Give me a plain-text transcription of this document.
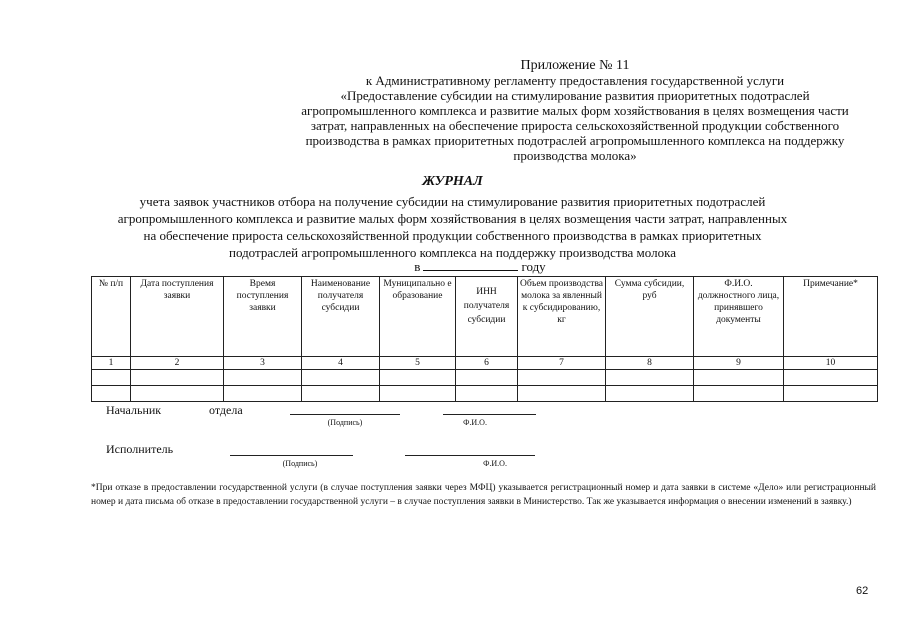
Приложение № 11
к Административному регламенту предоставления государственной услуги
«Предоставление субсидии на стимулирование развития приоритетных подотраслей
агропромышленного комплекса и развитие малых форм хозяйствования в целях возмещения части
затрат, направленных на обеспечение прироста сельскохозяйственной продукции собственного
производства в рамках приоритетных подотраслей агропромышленного комплекса на поддержку
производства молока»
ЖУРНАЛ
учета заявок участников отбора на получение субсидии на стимулирование развития приоритетных подотраслей
агропромышленного комплекса и развитие малых форм хозяйствования в целях возмещения части затрат, направленных
на обеспечение прироста сельскохозяйственной продукции собственного производства в рамках приоритетных
подотраслей агропромышленного комплекса на поддержку производства молока
в	году
№ п/п	Дата поступления заявки	Время поступления заявки	Наименование получателя субсидии	Муниципально е образование	ИНН получателя субсидии	Объем производства молока за явленный к субсидированию, кг	Сумма субсидии, руб	Ф.И.О. должностного лица, принявшего документы	Примечание*
1	2	3	4	5	6	7	8	9	10

Начальник	отдела
(Подпись)	Ф.И.О.
Исполнитель
(Подпись)	Ф.И.О.
*При отказе в предоставлении государственной услуги (в случае поступления заявки через МФЦ) указывается регистрационный номер и дата заявки в системе «Дело» или регистрационный номер и дата письма об отказе в предоставлении государственной услуги – в случае поступления заявки в Министерство. Так же указывается информация о внесении изменений в заявку.)
62
